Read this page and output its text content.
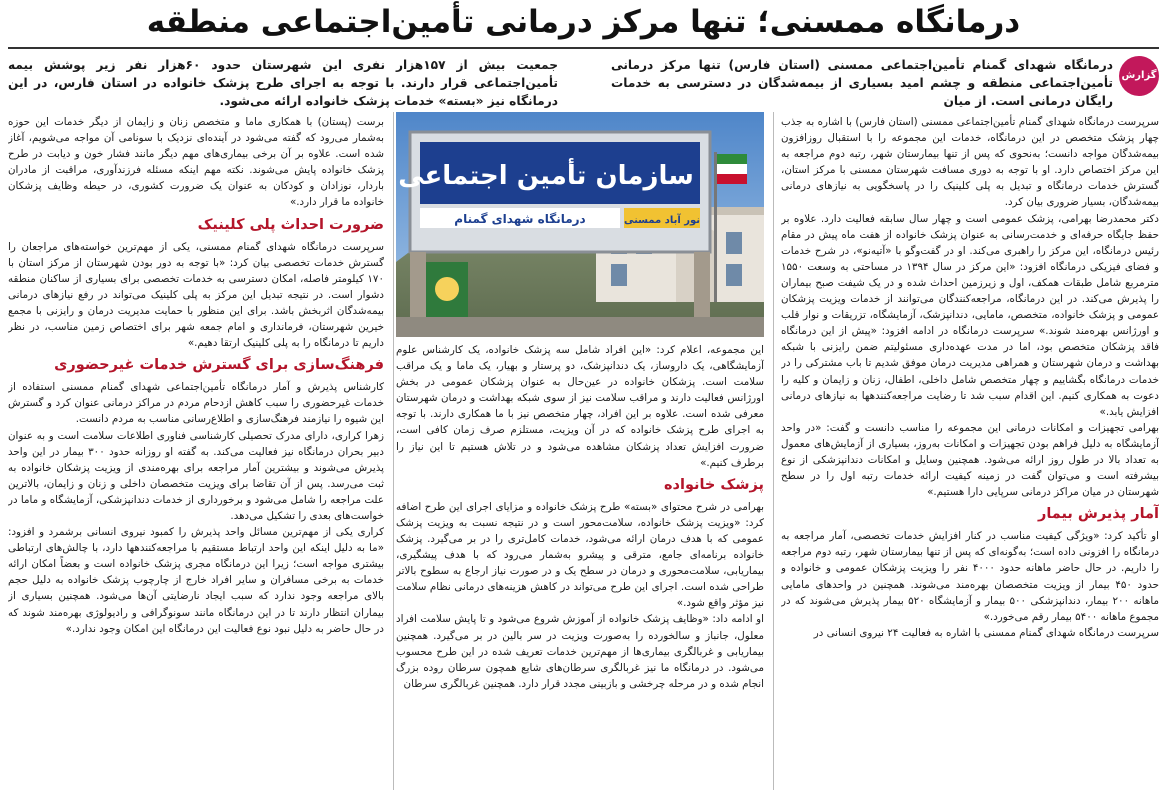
درمانگاه ممسنی؛ تنها مرکز درمانی تأمین‌اجتماعی منطقه
گزارش
درمانگاه شهدای گمنام تأمین‌اجتماعی ممسنی (استان فارس) تنها مرکز درمانی تأمین‌اجتماعی منطقه و چشم امید بسیاری از بیمه‌شدگان در دسترسی به خدمات رایگان درمانی است. از میان
جمعیت بیش از ۱۵۷هزار نفری این شهرستان حدود ۶۰هزار نفر زیر پوشش بیمه تأمین‌اجتماعی قرار دارند. با توجه به اجرای طرح پزشک خانواده در استان فارس، در این درمانگاه نیز «بسته» خدمات پزشک خانواده ارائه می‌شود.

سرپرست درمانگاه شهدای گمنام تأمین‌اجتماعی ممسنی (استان فارس) با اشاره به جذب چهار پزشک متخصص در این درمانگاه، خدمات این مجموعه را با استقبال روزافزون بیمه‌شدگان مواجه دانست؛ به‌نحوی که پس از تنها بیمارستان شهر، رتبه دوم مراجعه به این مرکز اختصاص دارد. او با توجه به دوری مسافت شهرستان ممسنی با مرکز استان، گسترش خدمات درمانگاه و تبدیل به پلی کلینیک را در پاسخگویی به نیازهای درمانی بیمه‌شدگان، بسیار ضروری بیان کرد.

دکتر محمدرضا بهرامی، پزشک عمومی است و چهار سال سابقه فعالیت دارد. علاوه بر حفظ جایگاه حرفه‌ای و خدمت‌رسانی به عنوان پزشک خانواده از هفت ماه پیش در مقام رئیس درمانگاه، این مرکز را راهبری می‌کند. او در گفت‌وگو با «آتیه‌نو»، در شرح خدمات و فضای فیزیکی درمانگاه افزود: «این مرکز در سال ۱۳۹۴ در مساحتی به وسعت ۱۵۵۰ مترمربع شامل طبقات همکف، اول و زیرزمین احداث شده و در یک شیفت صبح بیماران را پذیرش می‌کند. در این درمانگاه، مراجعه‌کنندگان می‌توانند از خدمات ویزیت پزشکان عمومی و پزشک خانواده، متخصص، مامایی، دندانپزشک، آزمایشگاه، تزریقات و نوار قلب و اورژانس بهره‌مند شوند.» سرپرست درمانگاه در ادامه افزود: «پیش از این درمانگاه فاقد پزشکان متخصص بود، اما در مدت عهده‌داری مسئولیتم ضمن رایزنی با شبکه بهداشت و درمان شهرستان و همراهی مدیریت درمان موفق شدیم تا باب مشترکی را در خدمات درمانگاه بگشاییم و چهار متخصص شامل داخلی، اطفال، زنان و زایمان و کلیه را دعوت به همکاری کنیم. این اقدام سبب شد تا رضایت مراجعه‌کنندهها به نیازهای درمانی افزایش یابد.»

بهرامی تجهیزات و امکانات درمانی این مجموعه را مناسب دانست و گفت: «در واحد آزمایشگاه به دلیل فراهم بودن تجهیزات و امکانات به‌روز، بسیاری از آزمایش‌های معمول به تعداد بالا در طول روز ارائه می‌شود. همچنین وسایل و امکانات دندانپزشکی از نوع بیشرفته است و می‌توان گفت در زمینه کیفیت ارائه خدمات رتبه اول را در سطح شهرستان در میان مراکز درمانی سرپایی دارا هستیم.»

آمار پذیرش بیمار

او تأکید کرد: «ویژگی کیفیت مناسب در کنار افزایش خدمات تخصصی، آمار مراجعه به درمانگاه را افزونی داده است؛ به‌گونه‌ای که پس از تنها بیمارستان شهر، رتبه دوم مراجعه را داریم. در حال حاضر ماهانه حدود ۴۰۰۰ نفر را ویزیت پزشکان عمومی و خانواده و حدود ۴۵۰ بیمار از ویزیت متخصصان بهره‌مند می‌شوند. همچنین در واحدهای مامایی ماهانه ۲۰۰ بیمار، دندانپزشکی ۵۰۰ بیمار و آزمایشگاه ۵۲۰ بیمار پذیرش می‌شوند که در مجموع ماهانه ۵۴۰۰ بیمار رقم می‌خورد.»

سرپرست درمانگاه شهدای گمنام ممسنی با اشاره به فعالیت ۲۴ نیروی انسانی در

سازمان تأمین اجتماعی
درمانگاه شهدای گمنام	نور آباد ممسنی

این مجموعه، اعلام کرد: «این افراد شامل سه پزشک خانواده، یک کارشناس علوم آزمایشگاهی، یک داروساز، یک دندانپزشک، دو پرستار و بهیار، یک ماما و یک مراقب سلامت است. پزشکان خانواده در عین‌حال به عنوان پزشکان عمومی در بخش اورژانس فعالیت دارند و مراقب سلامت نیز از سوی شبکه بهداشت و درمان شهرستان معرفی شده است. علاوه بر این افراد، چهار متخصص نیز با ما همکاری دارند. با توجه به اجرای طرح پزشک خانواده که در آن ویزیت، مستلزم صرف زمان کافی است، ضرورت افزایش تعداد پزشکان مشاهده می‌شود و در تلاش هستیم تا این نیاز را برطرف کنیم.»

پزشک خانواده

بهرامی در شرح محتوای «بسته» طرح پزشک خانواده و مزایای اجرای این طرح اضافه کرد: «ویزیت پزشک خانواده، سلامت‌محور است و در نتیجه نسبت به ویزیت پزشک عمومی که با هدف درمان ارائه می‌شود، خدمات کامل‌تری را در بر می‌گیرد. پزشک خانواده برنامه‌ای جامع، مترقی و پیشرو به‌شمار می‌رود که با هدف پیشگیری، بیماریابی، سلامت‌محوری و درمان در سطح یک و در صورت نیاز ارجاع به سطوح بالاتر طراحی شده است. اجرای این طرح می‌تواند در کاهش هزینه‌های درمانی نظام سلامت نیز مؤثر واقع شود.»

او ادامه داد: «وظایف پزشک خانواده از آموزش شروع می‌شود و تا پایش سلامت افراد معلول، جانباز و سالخورده را به‌صورت ویزیت در سر بالین در بر می‌گیرد. همچنین بیماریابی و غربالگری بیماری‌ها از مهم‌ترین خدمات تعریف شده در این طرح محسوب می‌شود. در درمانگاه ما نیز غربالگری سرطان‌های شایع همچون سرطان روده بزرگ انجام شده و در مرحله چرخشی و بازبینی مجدد قرار دارد. همچنین غربالگری سرطان

برست (پستان) با همکاری ماما و متخصص زنان و زایمان از دیگر خدمات این حوزه به‌شمار می‌رود که گفته می‌شود در آینده‌ای نزدیک با سونامی آن مواجه می‌شویم، آغاز شده است. علاوه بر آن برخی بیماری‌های مهم دیگر مانند فشار خون و دیابت در طرح پزشک خانواده پایش می‌شوند. نکته مهم اینکه مسئله فرزندآوری، مراقبت از مادران باردار، نوزادان و کودکان به عنوان یک ضرورت کشوری، در حیطه وظایف پزشکان خانواده ما قرار دارد.»

ضرورت احداث پلی کلینیک

سرپرست درمانگاه شهدای گمنام ممسنی، یکی از مهم‌ترین خواسته‌های مراجعان را گسترش خدمات تخصصی بیان کرد: «با توجه به دور بودن شهرستان از مرکز استان با ۱۷۰ کیلومتر فاصله، امکان دسترسی به خدمات تخصصی برای بسیاری از ساکنان منطقه دشوار است. در نتیجه تبدیل این مرکز به پلی کلینیک می‌تواند در رفع نیازهای درمانی بیمه‌شدگان اثربخش باشد. برای این منظور با حمایت مدیریت درمان و رایزنی با مجمع خیرین شهرستان، فرمانداری و امام جمعه شهر برای اختصاص زمین مناسب، در نظر داریم تا درمانگاه را به پلی کلینیک ارتقا دهیم.»

فرهنگ‌سازی برای گسترش خدمات غیرحضوری

کارشناس پذیرش و آمار درمانگاه تأمین‌اجتماعی شهدای گمنام ممسنی استفاده از خدمات غیرحضوری را سبب کاهش ازدحام مردم در مراکز درمانی عنوان کرد و گسترش این شیوه را نیازمند فرهنگ‌سازی و اطلاع‌رسانی مناسب به مردم دانست.

زهرا کراری، دارای مدرک تحصیلی کارشناسی فناوری اطلاعات سلامت است و به عنوان دبیر بحران درمانگاه نیز فعالیت می‌کند. به گفته او روزانه حدود ۳۰۰ بیمار در این واحد پذیرش می‌شوند و بیشترین آمار مراجعه برای بهره‌مندی از ویزیت پزشکان خانواده به ثبت می‌رسد. پس از آن تقاضا برای ویزیت متخصصان داخلی و زنان و زایمان، بالاترین علت مراجعه را شامل می‌شود و برخورداری از خدمات دندانپزشکی، آزمایشگاه و ماما در خواست‌های بعدی را تشکیل می‌دهد.

کراری یکی از مهم‌ترین مسائل واحد پذیرش را کمبود نیروی انسانی برشمرد و افزود: «ما به دلیل اینکه این واحد ارتباط مستقیم با مراجعه‌کنندهها دارد، با چالش‌های ارتباطی بیشتری مواجه است؛ زیرا این درمانگاه مجری پزشک خانواده است و بعضاً امکان ارائه خدمات به برخی مسافران و سایر افراد خارج از چارچوب پزشک خانواده به دلیل حجم بالای مراجعه وجود ندارد که سبب ایجاد نارضایتی آن‌ها می‌شود. همچنین بسیاری از بیماران انتظار دارند تا در این درمانگاه مانند سونوگرافی و رادیولوژی بهره‌مند شوند که در حال حاضر به دلیل نبود نوع فعالیت این درمانگاه این امکان وجود ندارد.»
